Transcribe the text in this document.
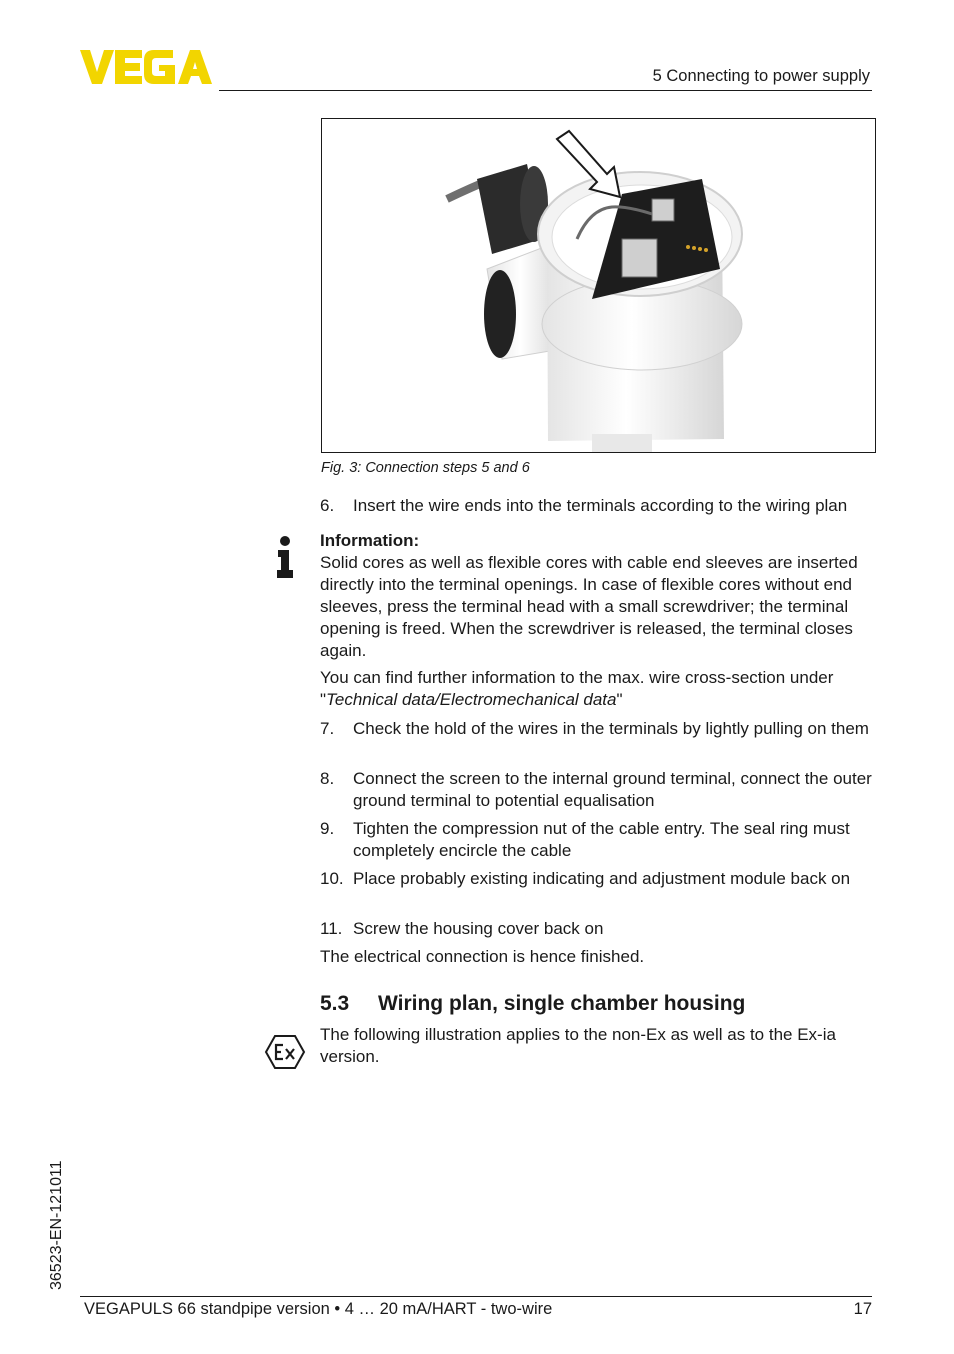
5 Connecting to power supply
Fig. 3: Connection steps 5 and 6
6.	Insert the wire ends into the terminals according to the wiring plan
Information:
Solid cores as well as flexible cores with cable end sleeves are inserted directly into the terminal openings. In case of flexible cores without end sleeves, press the terminal head with a small screwdriver; the terminal opening is freed. When the screwdriver is released, the terminal closes again.
You can find further information to the max. wire cross-section under "Technical data/Electromechanical data"
7.	Check the hold of the wires in the terminals by lightly pulling on them
8.	Connect the screen to the internal ground terminal, connect the outer ground terminal to potential equalisation
9.	Tighten the compression nut of the cable entry. The seal ring must completely encircle the cable
10. Place probably existing indicating and adjustment module back on
11. Screw the housing cover back on
The electrical connection is hence finished.
5.3	Wiring plan, single chamber housing
The following illustration applies to the non-Ex as well as to the Ex-ia version.
36523-EN-121011
VEGAPULS 66 standpipe version • 4 … 20 mA/HART - two-wire	17
